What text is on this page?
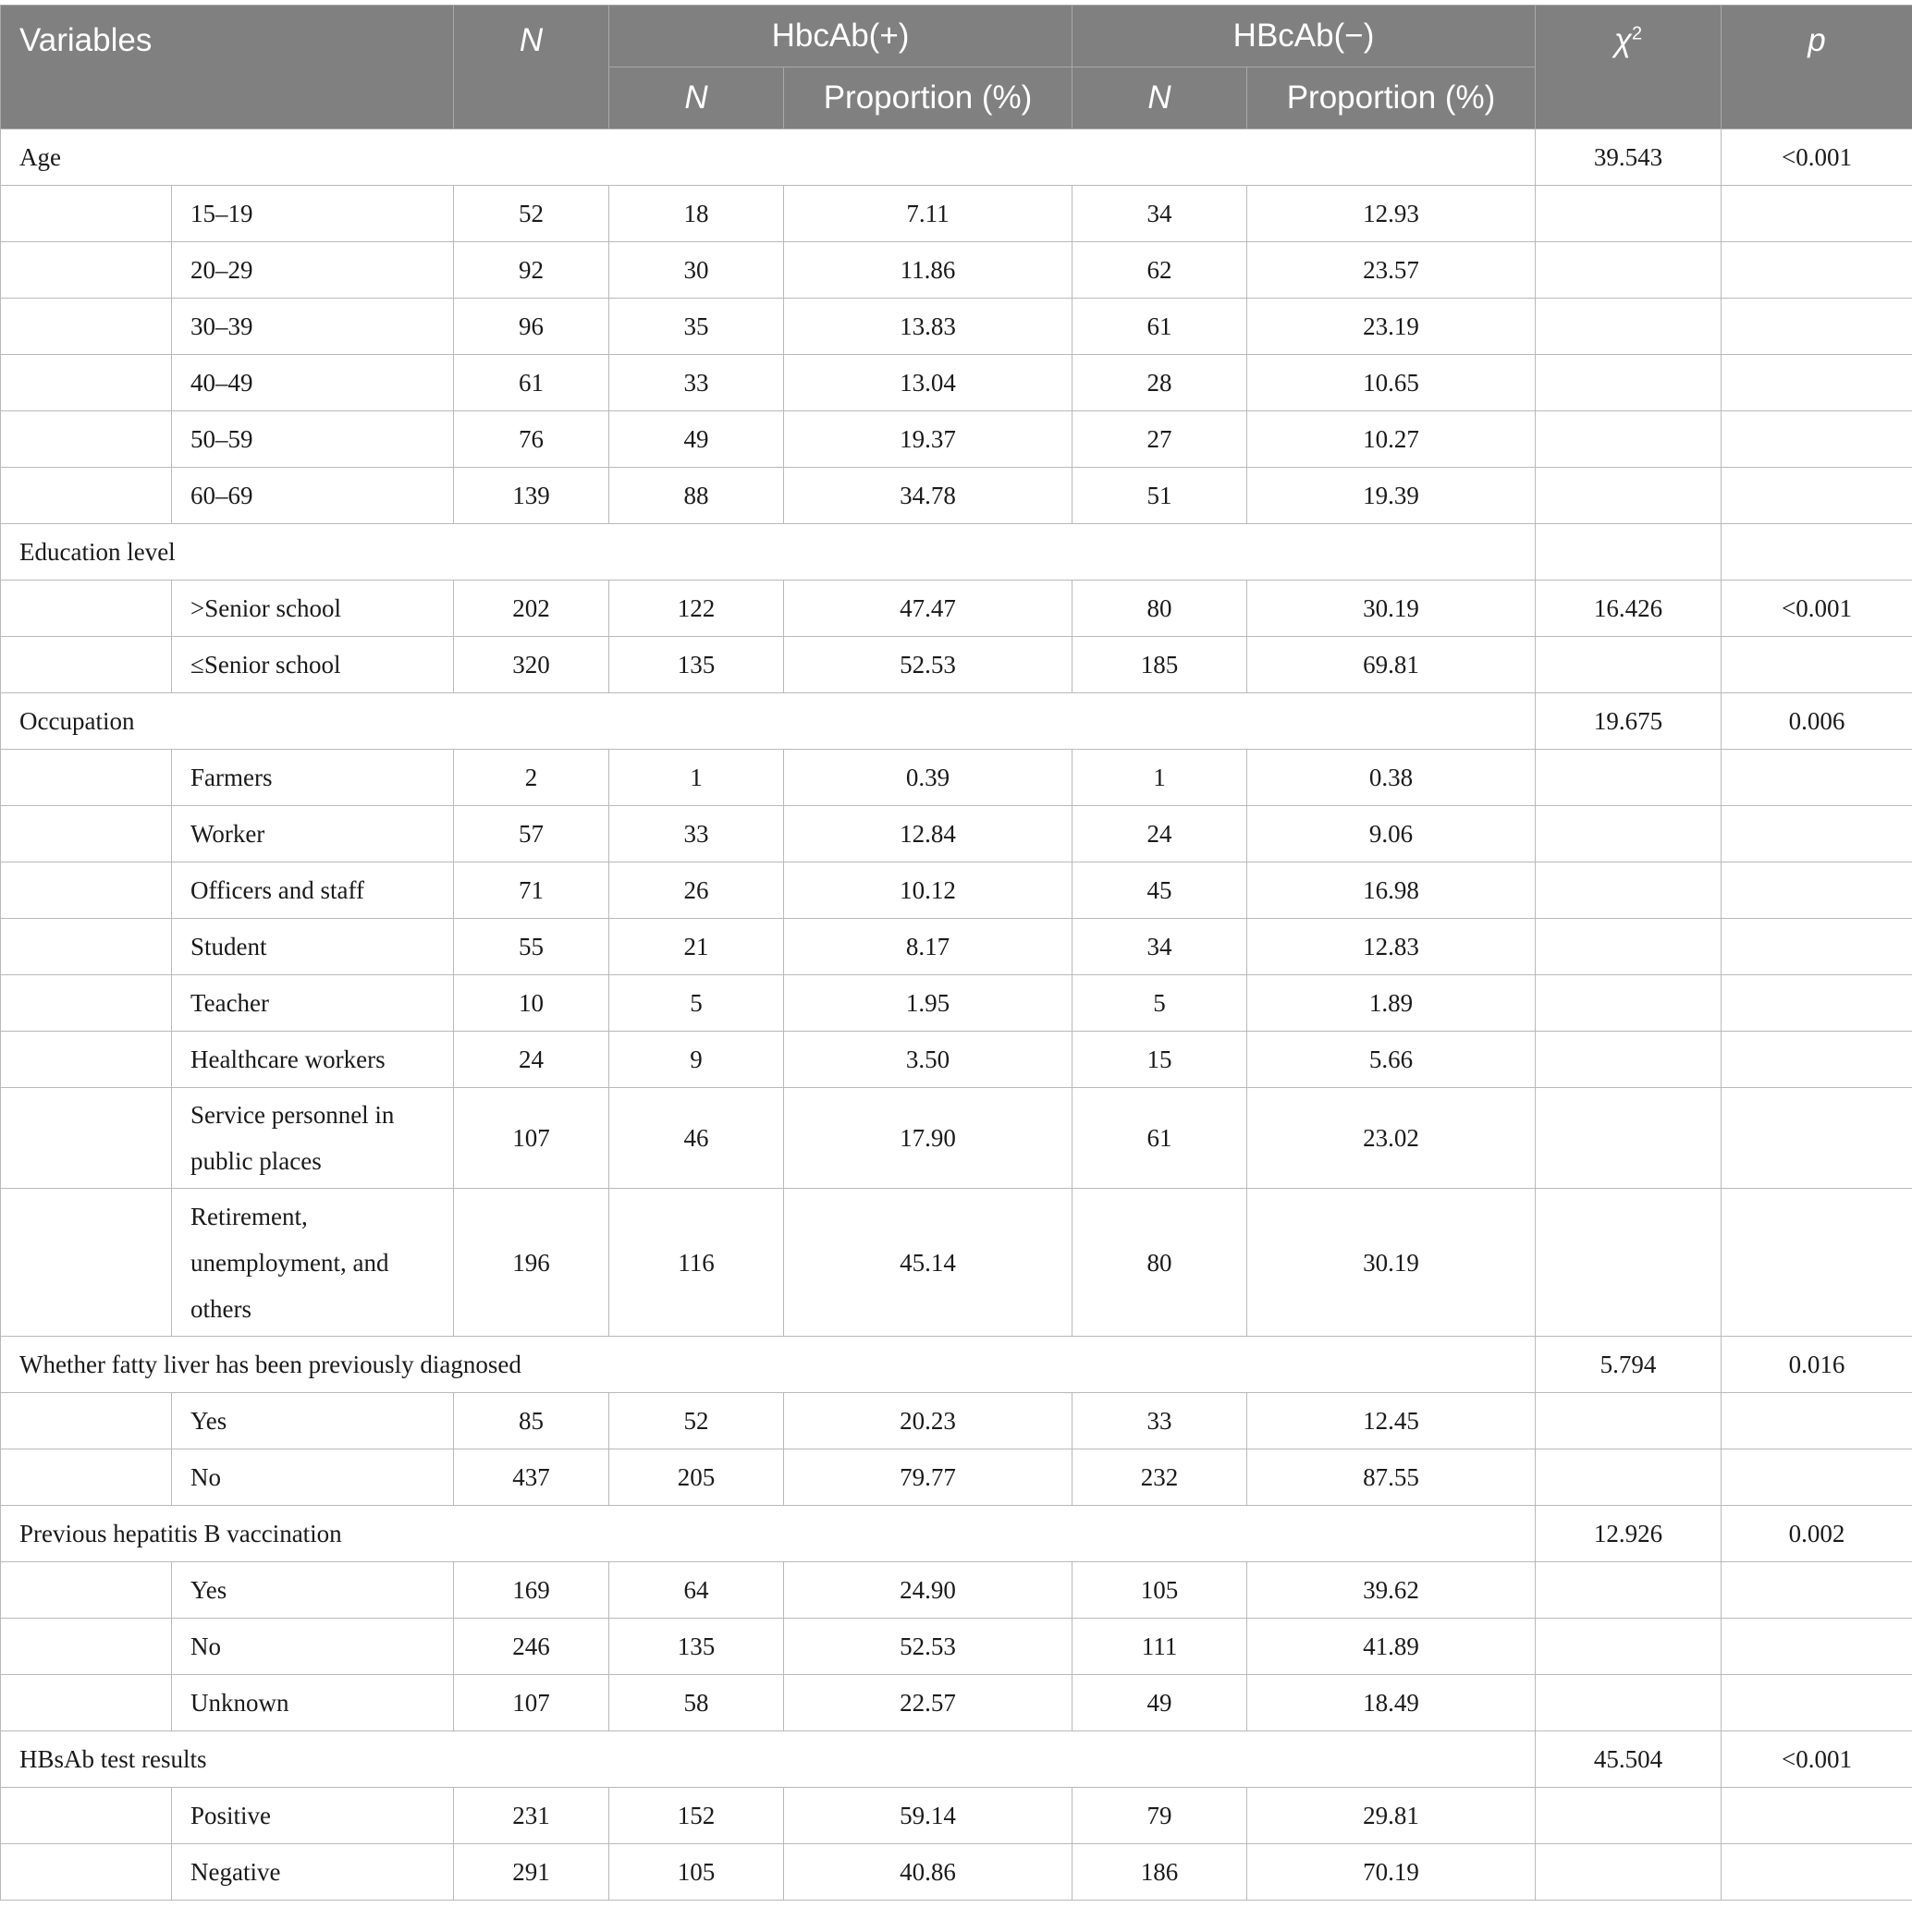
Variables		N	HbcAb(+)		HBcAb(−)		$\chi^2$	p
			N	Proportion (%)	N	Proportion (%)		
Age							39.543	<0.001
	15–19	52	18	7.11	34	12.93		
	20–29	92	30	11.86	62	23.57		
	30–39	96	35	13.83	61	23.19		
	40–49	61	33	13.04	28	10.65		
	50–59	76	49	19.37	27	10.27		
	60–69	139	88	34.78	51	19.39		
Education level								
	>Senior school	202	122	47.47	80	30.19	16.426	<0.001
	≤Senior school	320	135	52.53	185	69.81		
Occupation							19.675	0.006
	Farmers	2	1	0.39	1	0.38		
	Worker	57	33	12.84	24	9.06		
	Officers and staff	71	26	10.12	45	16.98		
	Student	55	21	8.17	34	12.83		
	Teacher	10	5	1.95	5	1.89		
	Healthcare workers	24	9	3.50	15	5.66		
	Service personnel in public places	107	46	17.90	61	23.02		
	Retirement, unemployment, and others	196	116	45.14	80	30.19		
Whether fatty liver has been previously diagnosed							5.794	0.016
	Yes	85	52	20.23	33	12.45		
	No	437	205	79.77	232	87.55		
Previous hepatitis B vaccination							12.926	0.002
	Yes	169	64	24.90	105	39.62		
	No	246	135	52.53	111	41.89		
	Unknown	107	58	22.57	49	18.49		
HBsAb test results							45.504	<0.001
	Positive	231	152	59.14	79	29.81		
	Negative	291	105	40.86	186	70.19		
